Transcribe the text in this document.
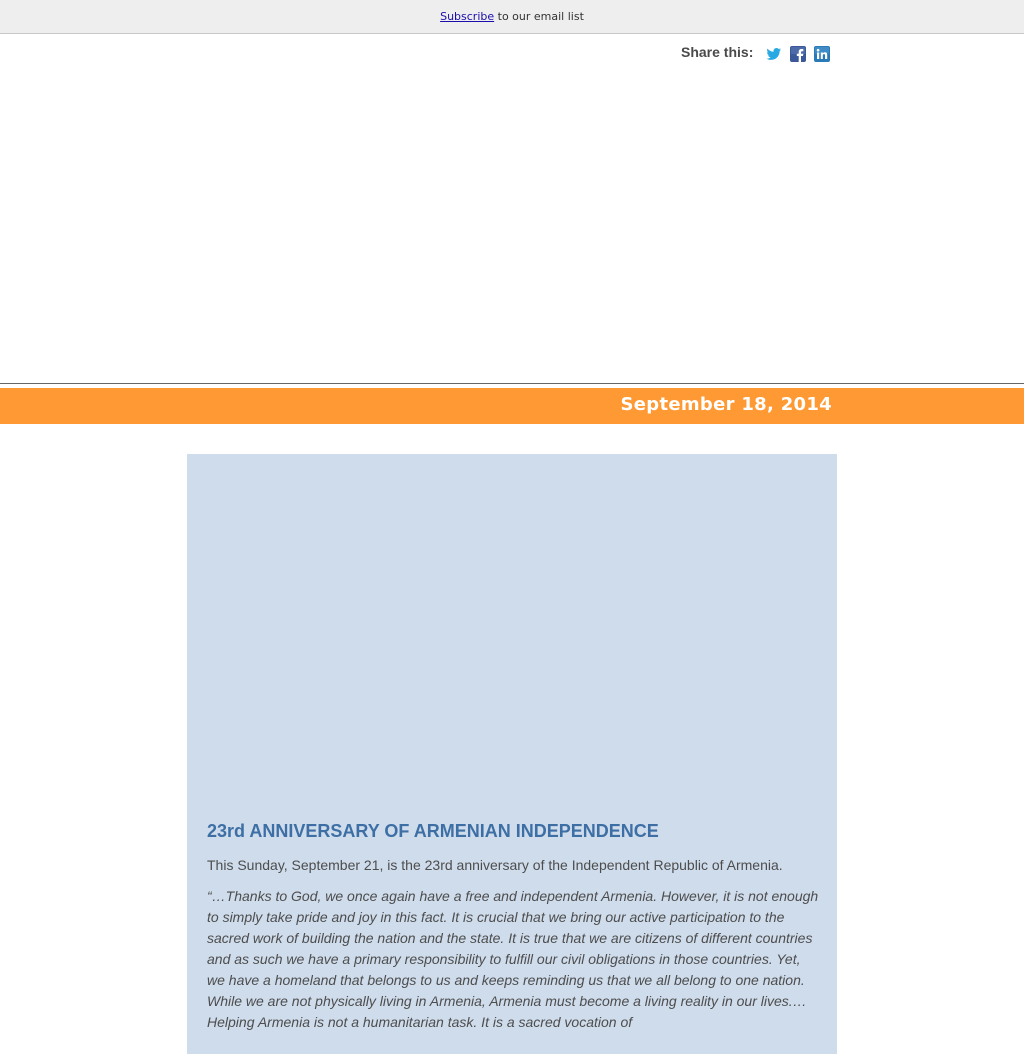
Subscribe to our email list
Share this:
September 18, 2014
23rd ANNIVERSARY OF ARMENIAN INDEPENDENCE

This Sunday, September 21, is the 23rd anniversary of the Independent Republic of Armenia.

“…Thanks to God, we once again have a free and independent Armenia. However, it is not enough to simply take pride and joy in this fact. It is crucial that we bring our active participation to the sacred work of building the nation and the state. It is true that we are citizens of different countries and as such we have a primary responsibility to fulfill our civil obligations in those countries. Yet, we have a homeland that belongs to us and keeps reminding us that we all belong to one nation. While we are not physically living in Armenia, Armenia must become a living reality in our lives.… Helping Armenia is not a humanitarian task. It is a sacred vocation of
